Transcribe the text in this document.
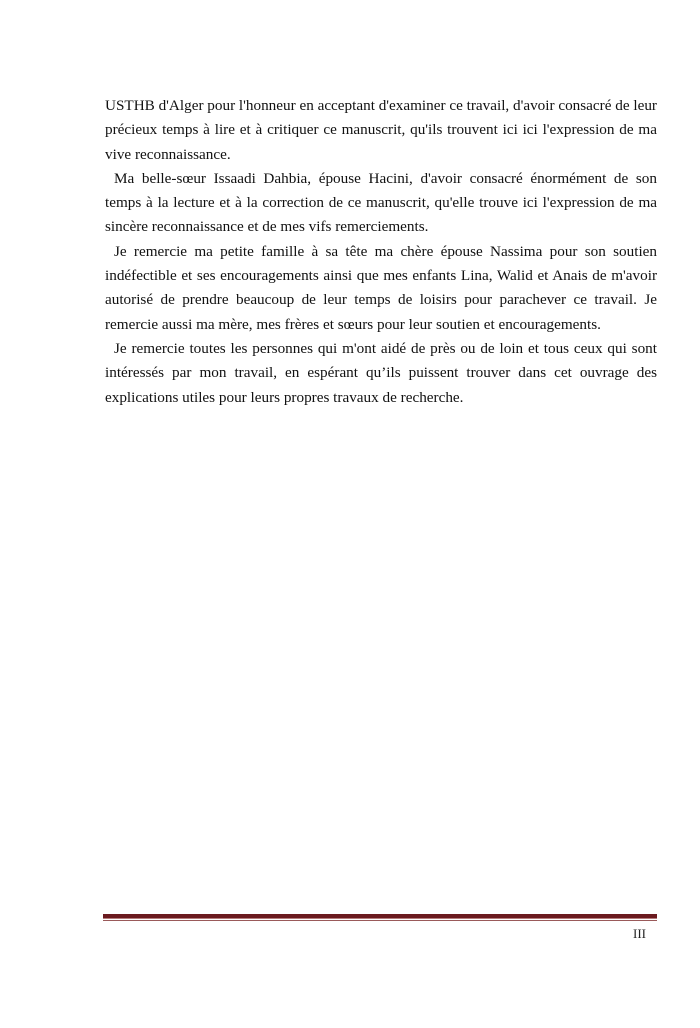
USTHB d'Alger pour l'honneur en acceptant d'examiner ce travail, d'avoir consacré de leur précieux temps à lire et à critiquer ce manuscrit, qu'ils trouvent ici ici l'expression de ma vive reconnaissance.

Ma belle-sœur Issaadi Dahbia, épouse Hacini, d'avoir consacré énormément de son temps à la lecture et à la correction de ce manuscrit, qu'elle trouve ici l'expression de ma sincère reconnaissance et de mes vifs remerciements.

Je remercie ma petite famille à sa tête ma chère épouse Nassima pour son soutien indéfectible et ses encouragements ainsi que mes enfants Lina, Walid et Anais de m'avoir autorisé de prendre beaucoup de leur temps de loisirs pour parachever ce travail. Je remercie aussi ma mère, mes frères et sœurs pour leur soutien et encouragements.

Je remercie toutes les personnes qui m'ont aidé de près ou de loin et tous ceux qui sont intéressés par mon travail, en espérant qu’ils puissent trouver dans cet ouvrage des explications utiles pour leurs propres travaux de recherche.

III
